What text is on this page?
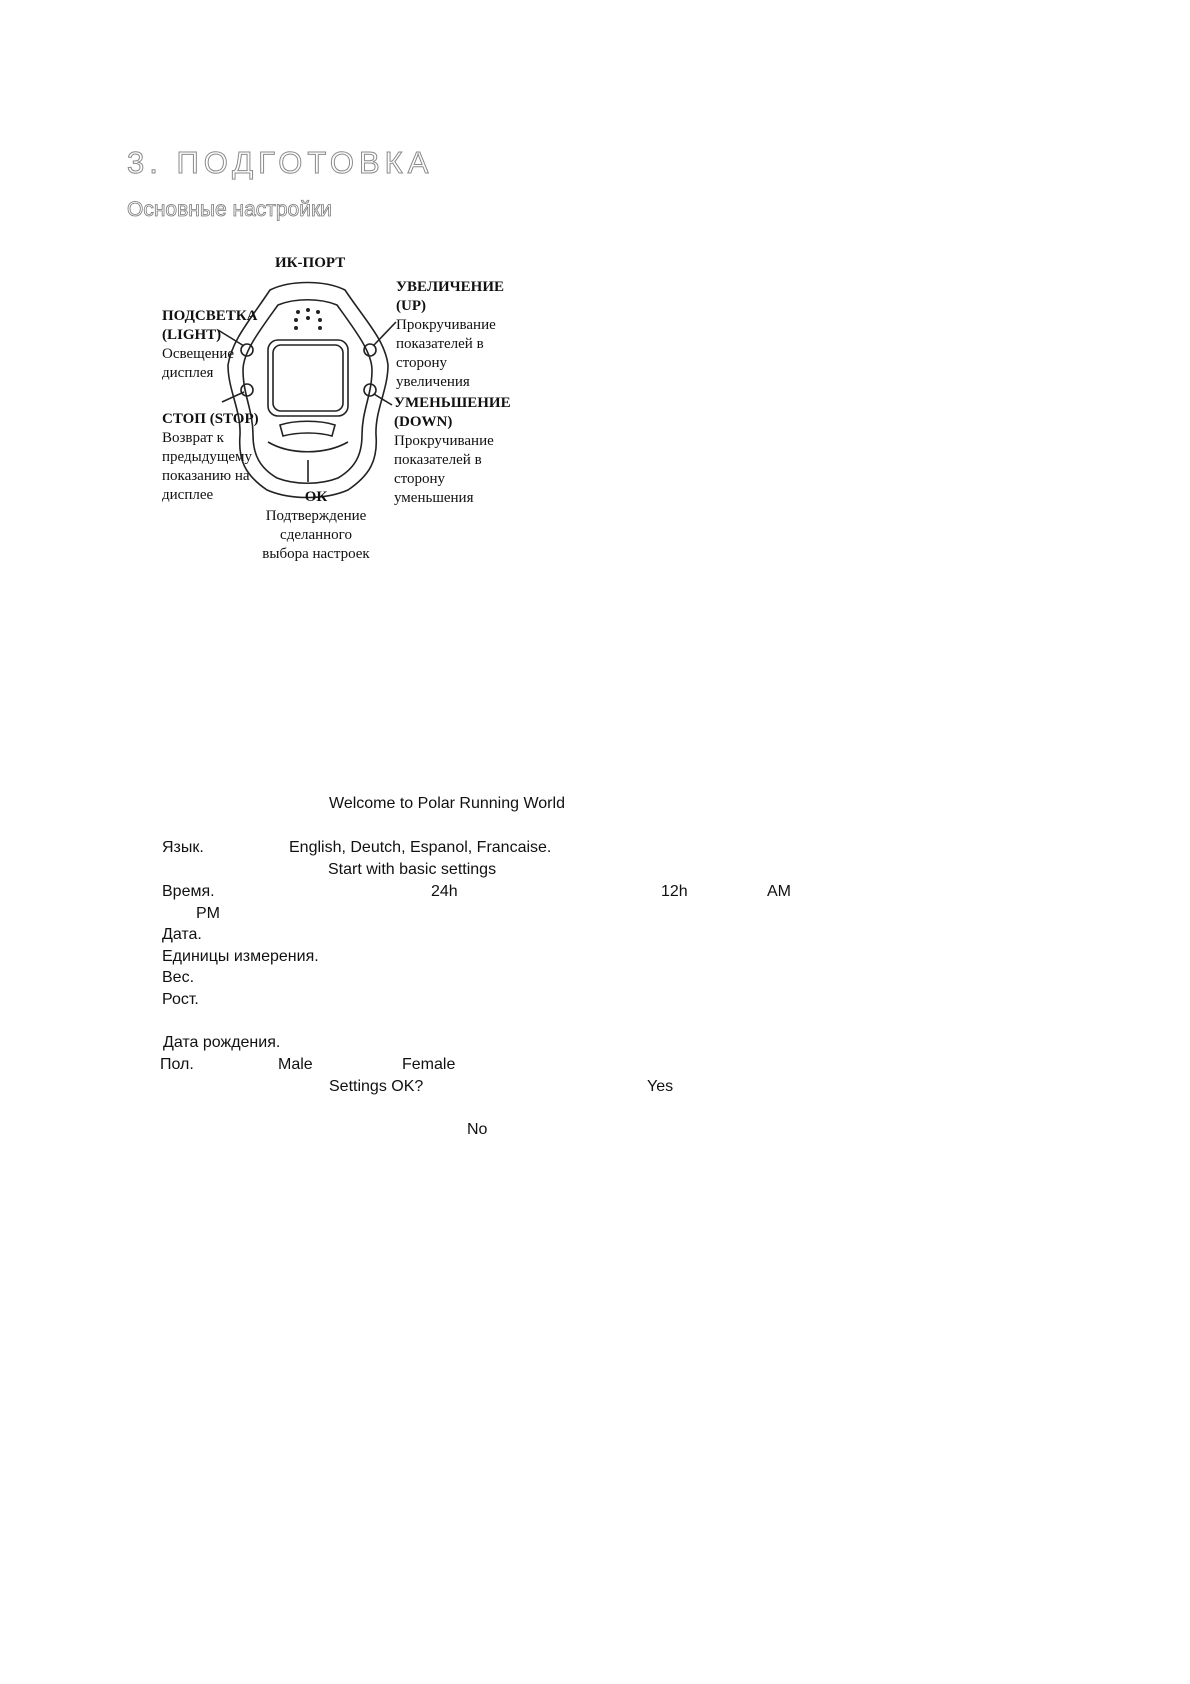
3. ПОДГОТОВКА
Основные настройки
ИК-ПОРТ
ПОДСВЕТКА
(LIGHT)
Освещение
дисплея
УВЕЛИЧЕНИЕ
(UP)
Прокручивание
показателей в
сторону
увеличения
СТОП (STOP)
Возврат к
предыдущему
показанию на
дисплее
УМЕНЬШЕНИЕ
(DOWN)
Прокручивание
показателей в
сторону
уменьшения
ОК
Подтверждение
сделанного
выбора настроек
Welcome to Polar Running World
Язык.	English, Deutch, Espanol, Francaise.
Start with basic settings
Время.	24h	12h	AM
PM
Дата.
Единицы измерения.
Вес.
Рост.
Дата рождения.
Пол.	Male	Female
Settings OK?	Yes
No
